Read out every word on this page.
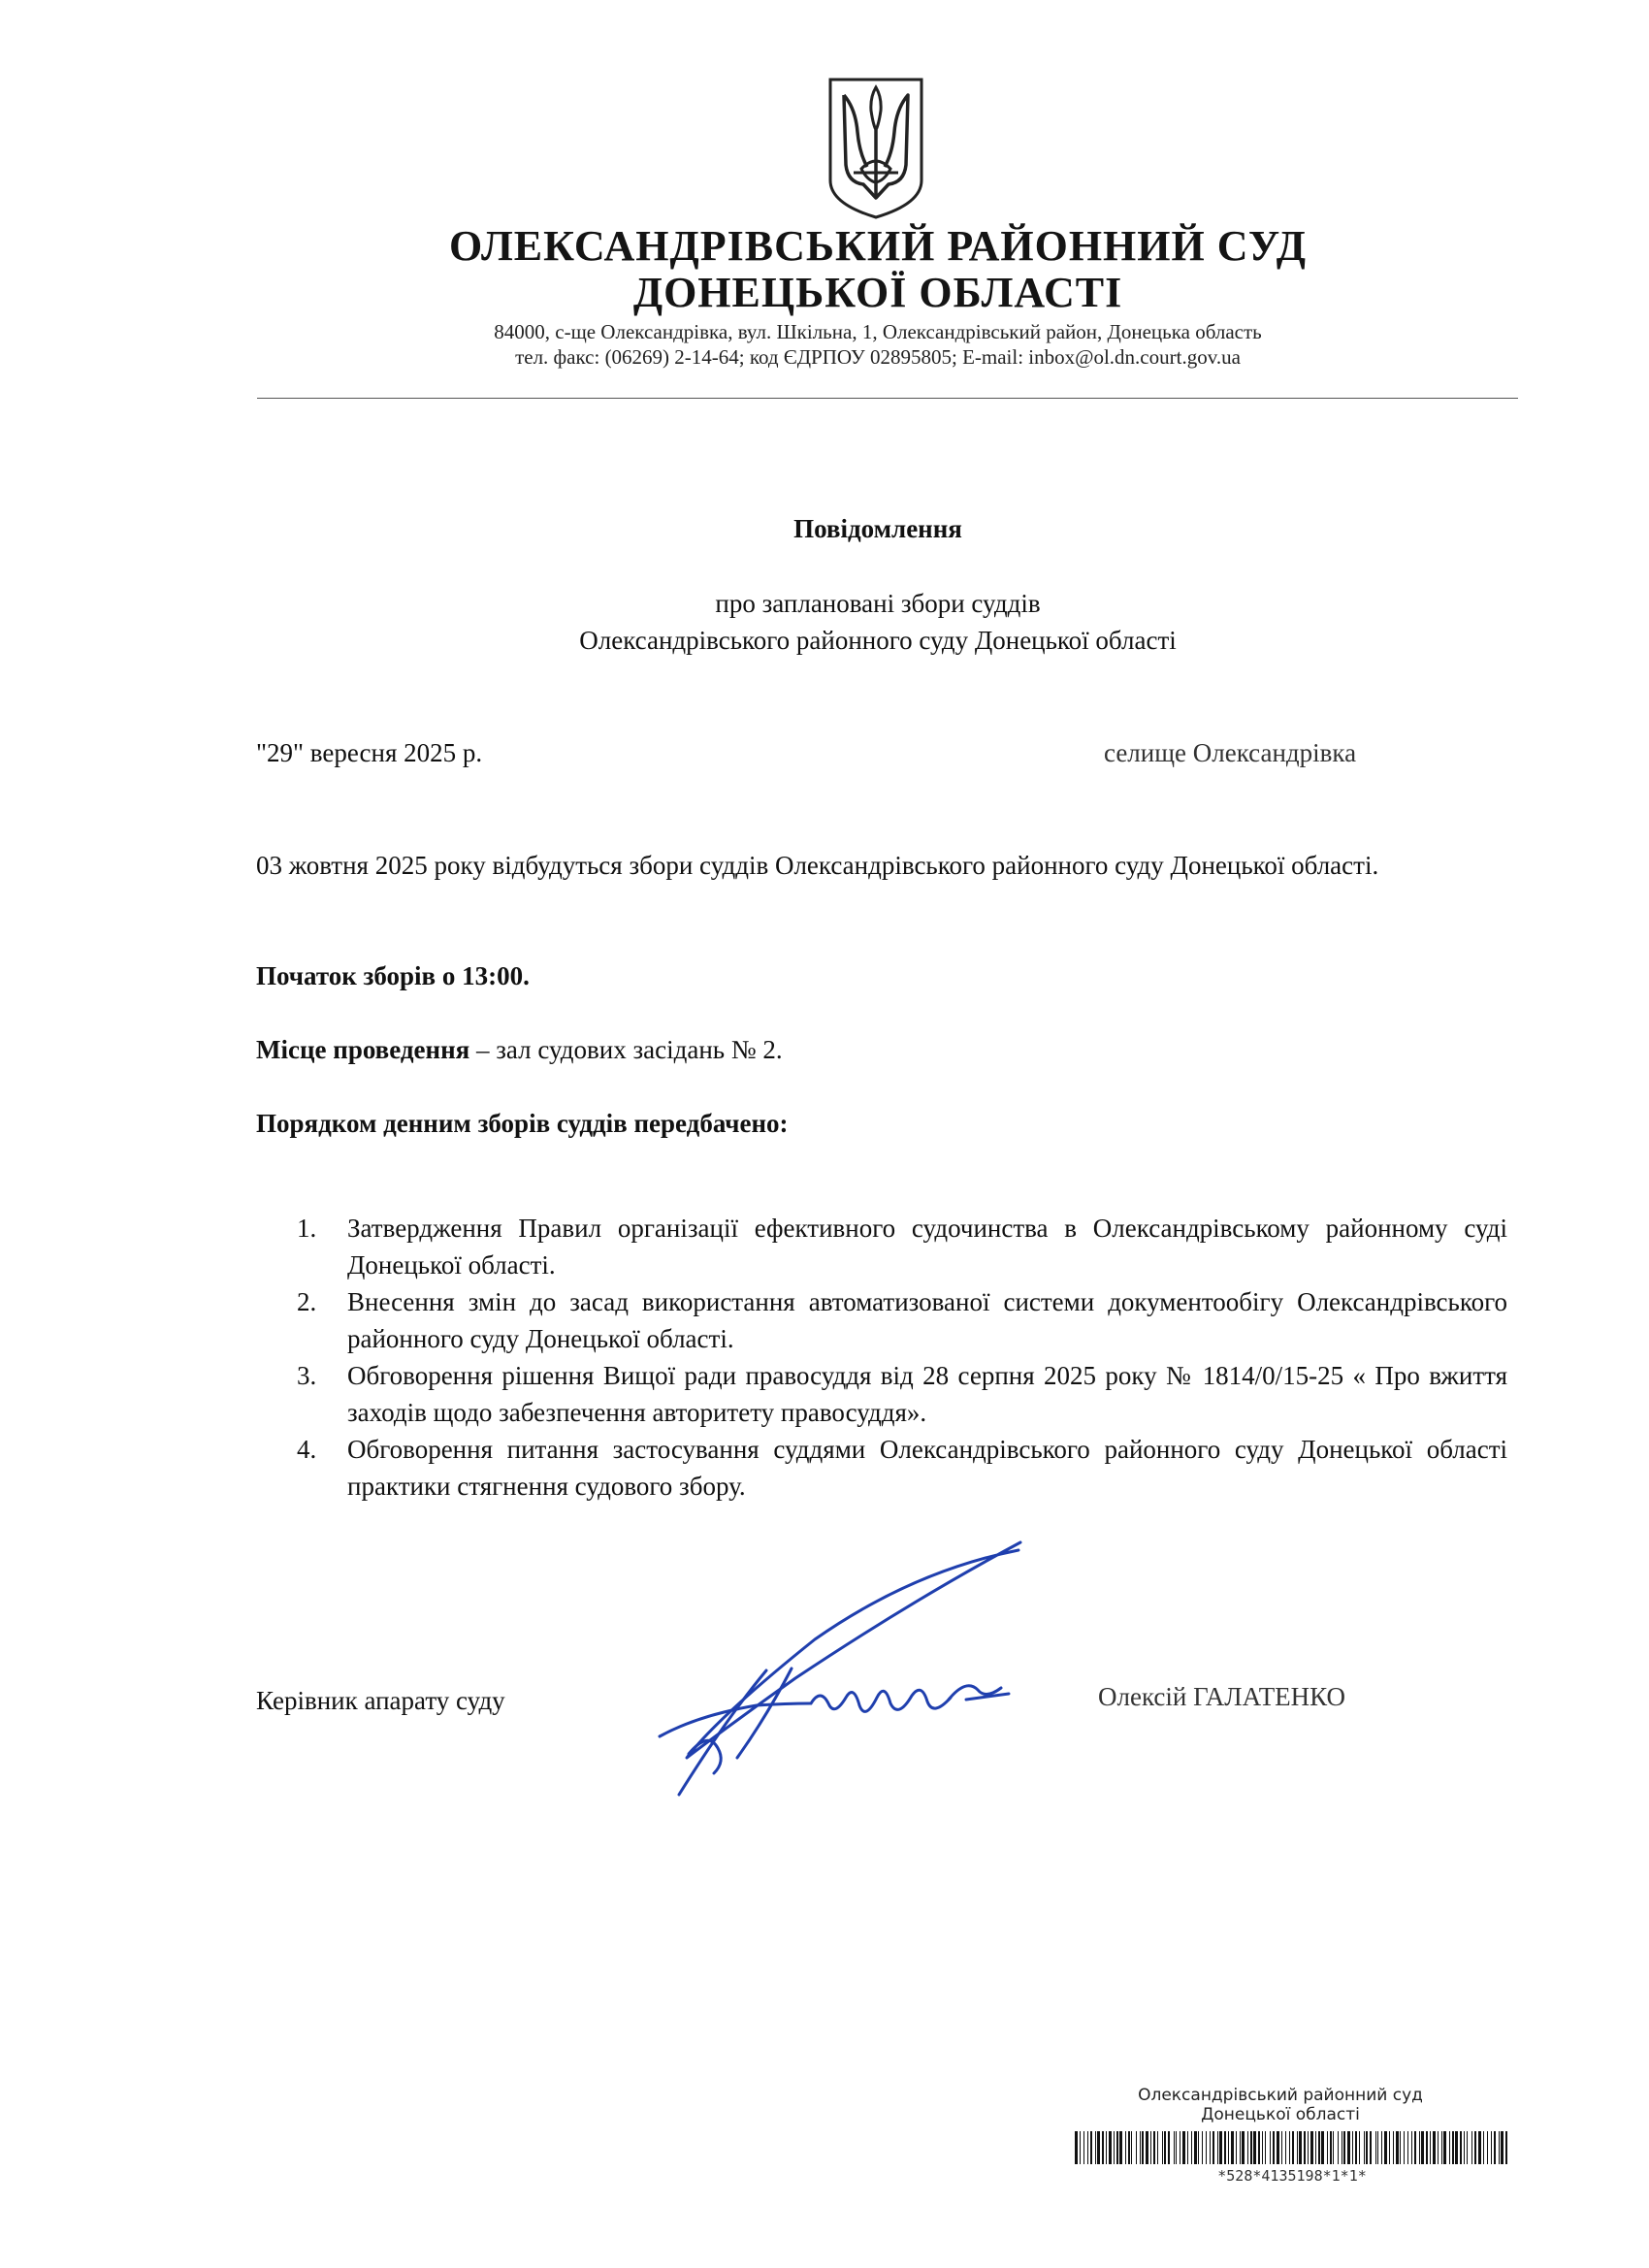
ОЛЕКСАНДРІВСЬКИЙ РАЙОННИЙ СУД
ДОНЕЦЬКОЇ ОБЛАСТІ
84000, с-ще Олександрівка, вул. Шкільна, 1, Олександрівський район, Донецька область
тел. факс: (06269) 2-14-64; код ЄДРПОУ 02895805; E-mail: inbox@ol.dn.court.gov.ua
Повідомлення
про заплановані збори суддів
Олександрівського районного суду Донецької області
"29" вересня 2025 р.	селище Олександрівка
03 жовтня 2025 року відбудуться збори суддів Олександрівського районного суду Донецької області.
Початок зборів о 13:00.
Місце проведення – зал судових засідань № 2.
Порядком денним зборів суддів передбачено:
1. Затвердження Правил організації ефективного судочинства в Олександрівському районному суді Донецької області.
2. Внесення змін до засад використання автоматизованої системи документообігу Олександрівського районного суду Донецької області.
3. Обговорення рішення Вищої ради правосуддя від 28 серпня 2025 року № 1814/0/15-25 « Про вжиття заходів щодо забезпечення авторитету правосуддя».
4. Обговорення питання застосування суддями Олександрівського районного суду Донецької області практики стягнення судового збору.
Керівник апарату суду	Олексій ГАЛАТЕНКО
Олександрівський районний суд
Донецької області
*528*4135198*1*1*
